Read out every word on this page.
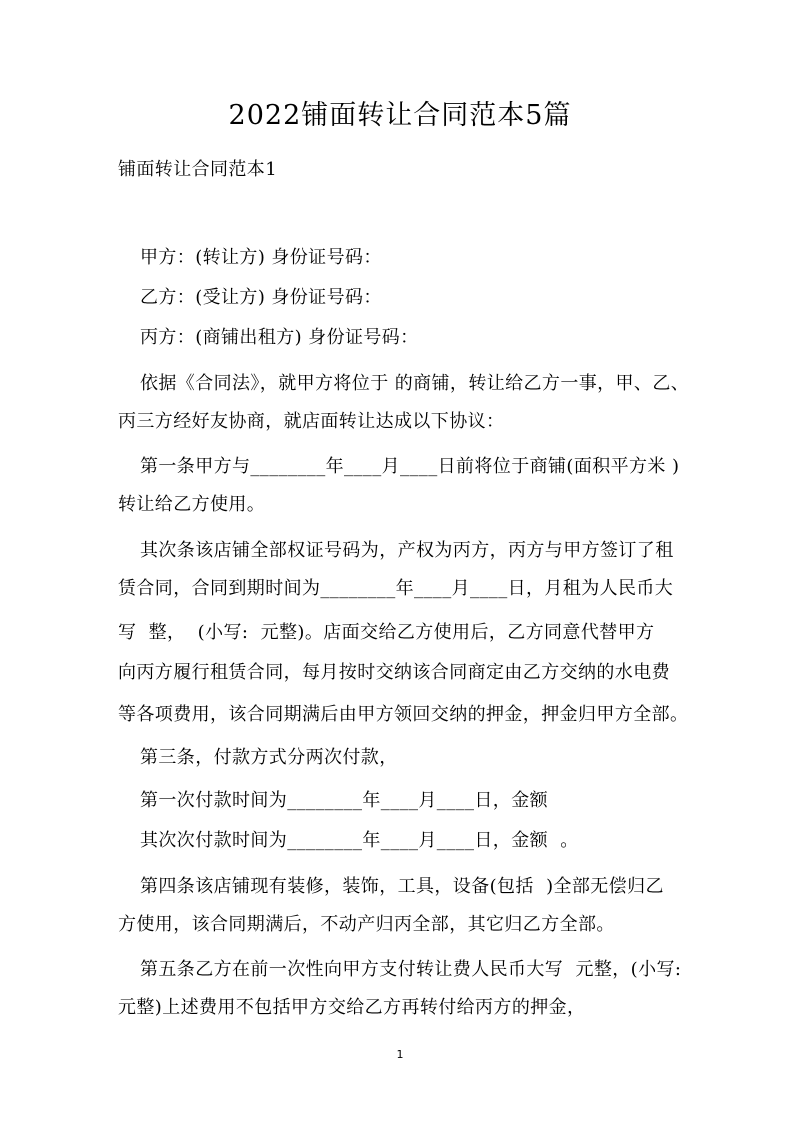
2022铺面转让合同范本5篇
铺面转让合同范本1
甲方：(转让方) 身份证号码：
乙方：(受让方) 身份证号码：
丙方：(商铺出租方) 身份证号码：
依据《合同法》，就甲方将位于 的商铺，转让给乙方一事，甲、乙、
丙三方经好友协商，就店面转让达成以下协议：
第一条甲方与________年____月____日前将位于商铺(面积平方米 )
转让给乙方使用。
其次条该店铺全部权证号码为，产权为丙方，丙方与甲方签订了租
赁合同，合同到期时间为________年____月____日，月租为人民币大
写  整，  (小写:  元整)。店面交给乙方使用后，乙方同意代替甲方
向丙方履行租赁合同，每月按时交纳该合同商定由乙方交纳的水电费
等各项费用，该合同期满后由甲方领回交纳的押金，押金归甲方全部。
第三条，付款方式分两次付款，
第一次付款时间为________年____月____日，金额
其次次付款时间为________年____月____日，金额  。
第四条该店铺现有装修，装饰，工具，设备(包括  )全部无偿归乙
方使用，该合同期满后，不动产归丙全部，其它归乙方全部。
第五条乙方在前一次性向甲方支付转让费人民币大写  元整，(小写:
元整)上述费用不包括甲方交给乙方再转付给丙方的押金，
1
